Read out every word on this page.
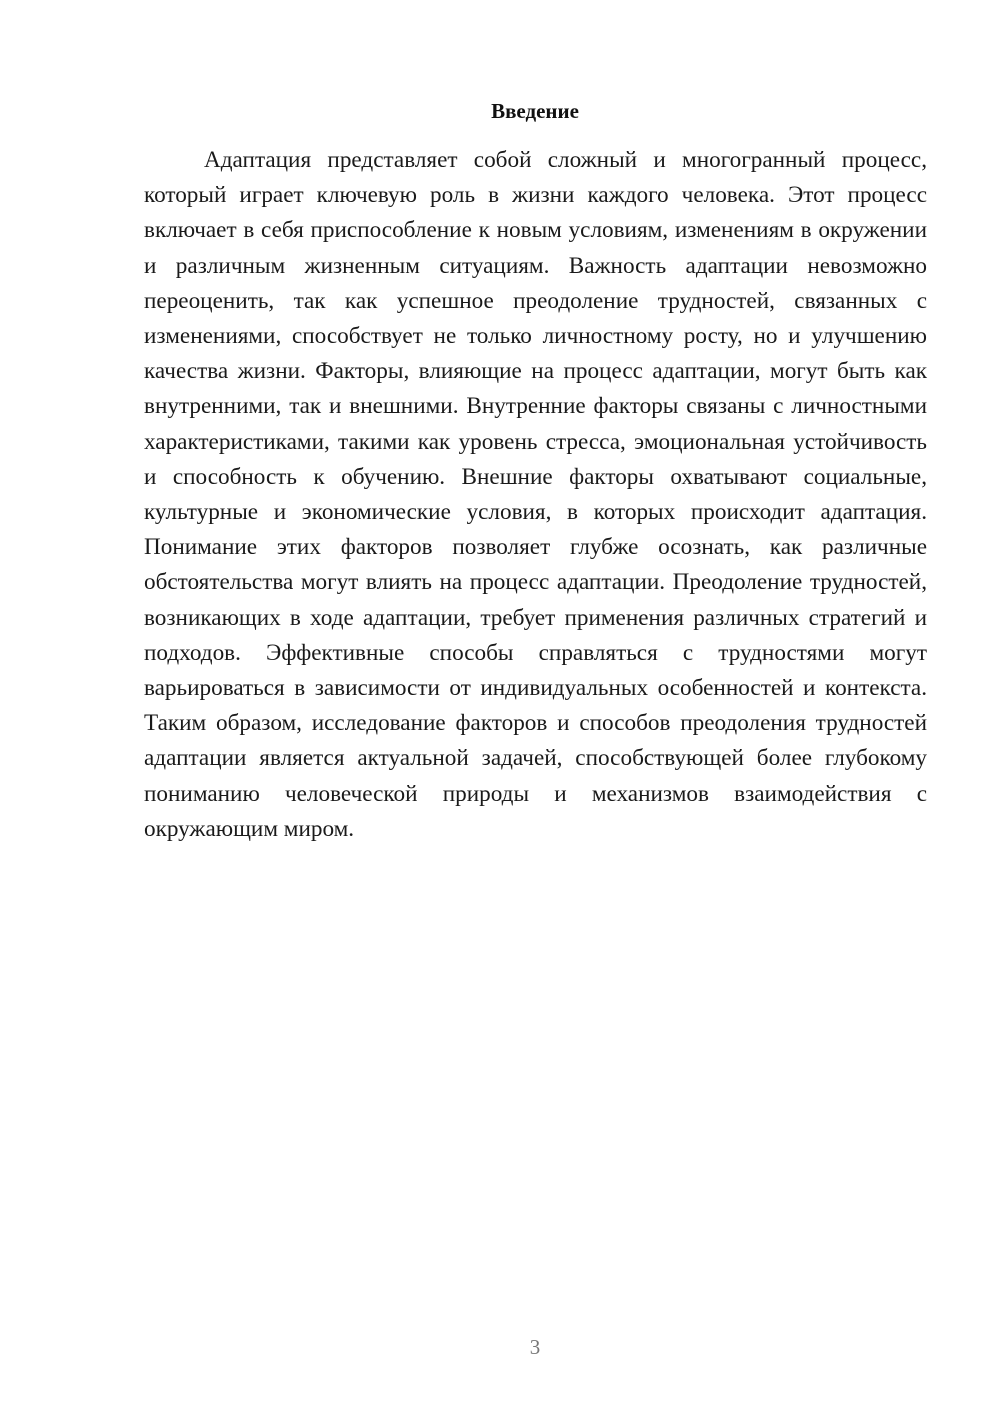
Введение

Адаптация представляет собой сложный и многогранный процесс, который играет ключевую роль в жизни каждого человека. Этот процесс включает в себя приспособление к новым условиям, изменениям в окружении и различным жизненным ситуациям. Важность адаптации невозможно переоценить, так как успешное преодоление трудностей, связанных с изменениями, способствует не только личностному росту, но и улучшению качества жизни. Факторы, влияющие на процесс адаптации, могут быть как внутренними, так и внешними. Внутренние факторы связаны с личностными характеристиками, такими как уровень стресса, эмоциональная устойчивость и способность к обучению. Внешние факторы охватывают социальные, культурные и экономические условия, в которых происходит адаптация. Понимание этих факторов позволяет глубже осознать, как различные обстоятельства могут влиять на процесс адаптации. Преодоление трудностей, возникающих в ходе адаптации, требует применения различных стратегий и подходов. Эффективные способы справляться с трудностями могут варьироваться в зависимости от индивидуальных особенностей и контекста. Таким образом, исследование факторов и способов преодоления трудностей адаптации является актуальной задачей, способствующей более глубокому пониманию человеческой природы и механизмов взаимодействия с окружающим миром.

3
